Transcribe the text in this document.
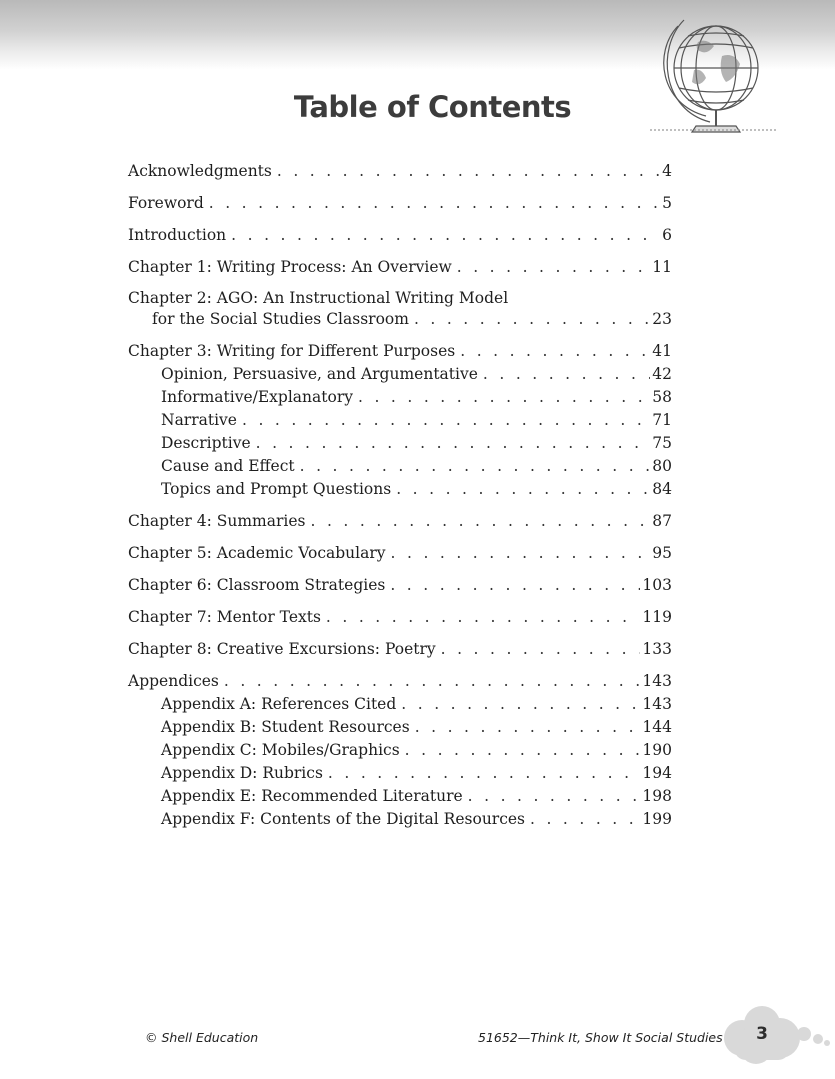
Table of Contents
Acknowledgments . . .	4
Foreword . . .	5
Introduction . . .	6
Chapter 1: Writing Process: An Overview . . .	11
Chapter 2: AGO: An Instructional Writing Model
for the Social Studies Classroom . . .	23
Chapter 3: Writing for Different Purposes . . .	41
Opinion, Persuasive, and Argumentative . . .	42
Informative/Explanatory . . .	58
Narrative . . .	71
Descriptive . . .	75
Cause and Effect . . .	80
Topics and Prompt Questions . . .	84
Chapter 4: Summaries . . .	87
Chapter 5: Academic Vocabulary . . .	95
Chapter 6: Classroom Strategies . . .	103
Chapter 7: Mentor Texts . . .	119
Chapter 8: Creative Excursions: Poetry . . .	133
Appendices . . .	143
Appendix A: References Cited . . .	143
Appendix B: Student Resources . . .	144
Appendix C: Mobiles/Graphics . . .	190
Appendix D: Rubrics . . .	194
Appendix E: Recommended Literature . . .	198
Appendix F: Contents of the Digital Resources . . .	199
© Shell Education	51652—Think It, Show It Social Studies	3
